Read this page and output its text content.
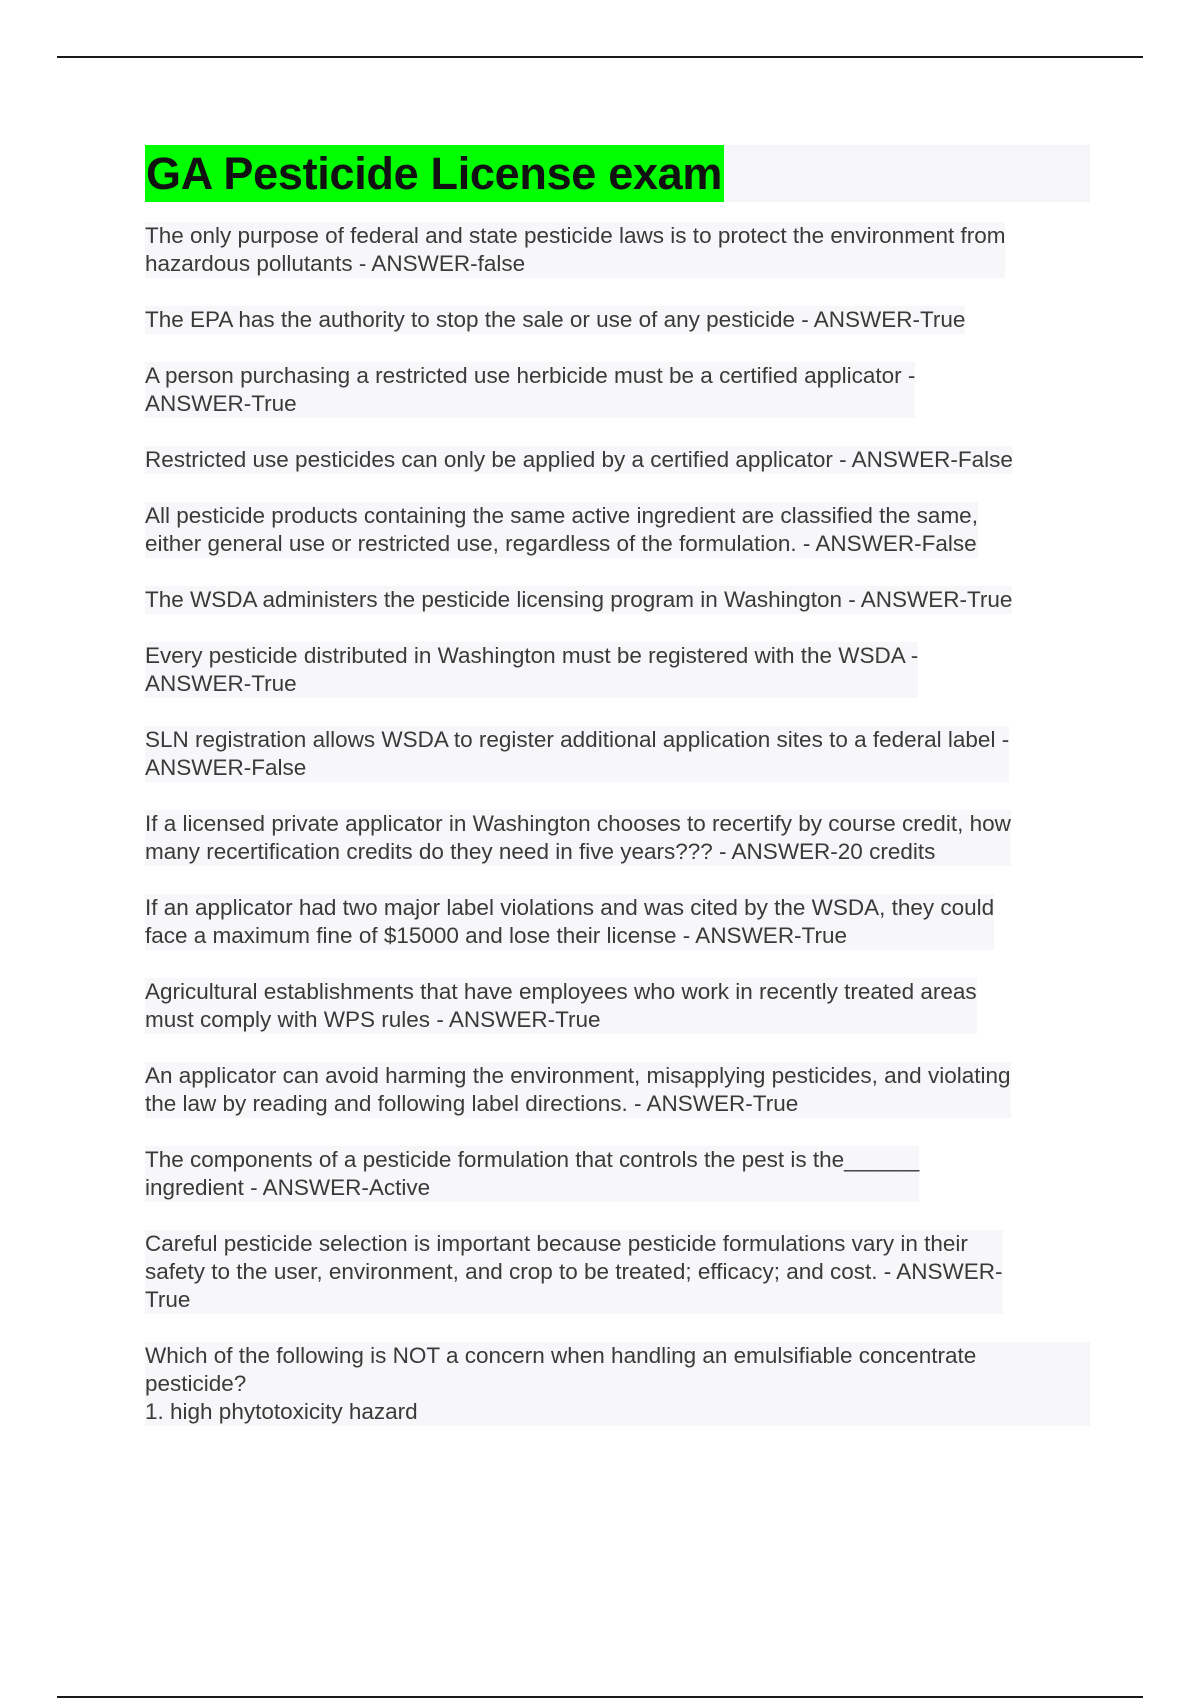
GA Pesticide License exam

The only purpose of federal and state pesticide laws is to protect the environment from
hazardous pollutants - ANSWER-false

The EPA has the authority to stop the sale or use of any pesticide - ANSWER-True

A person purchasing a restricted use herbicide must be a certified applicator -
ANSWER-True

Restricted use pesticides can only be applied by a certified applicator - ANSWER-False

All pesticide products containing the same active ingredient are classified the same,
either general use or restricted use, regardless of the formulation. - ANSWER-False

The WSDA administers the pesticide licensing program in Washington - ANSWER-True

Every pesticide distributed in Washington must be registered with the WSDA -
ANSWER-True

SLN registration allows WSDA to register additional application sites to a federal label -
ANSWER-False

If a licensed private applicator in Washington chooses to recertify by course credit, how
many recertification credits do they need in five years??? - ANSWER-20 credits

If an applicator had two major label violations and was cited by the WSDA, they could
face a maximum fine of $15000 and lose their license - ANSWER-True

Agricultural establishments that have employees who work in recently treated areas
must comply with WPS rules - ANSWER-True

An applicator can avoid harming the environment, misapplying pesticides, and violating
the law by reading and following label directions. - ANSWER-True

The components of a pesticide formulation that controls the pest is the______
ingredient - ANSWER-Active

Careful pesticide selection is important because pesticide formulations vary in their
safety to the user, environment, and crop to be treated; efficacy; and cost. - ANSWER-
True

Which of the following is NOT a concern when handling an emulsifiable concentrate
pesticide?
1. high phytotoxicity hazard
